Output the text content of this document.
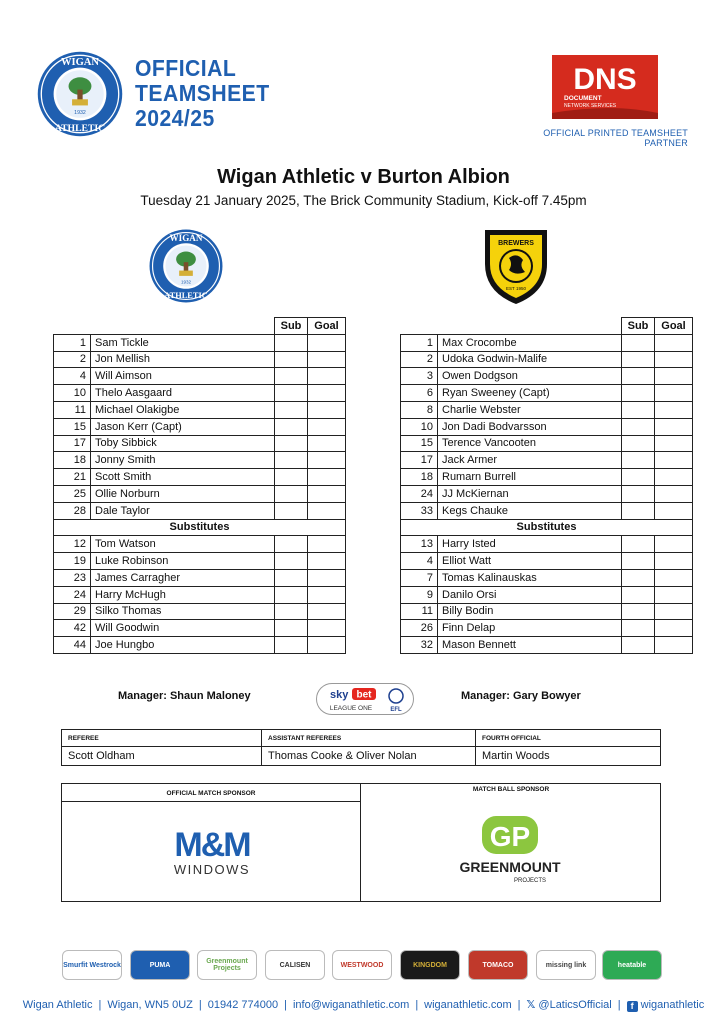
WIGAN
ATHLETIC
1932
OFFICIAL
TEAMSHEET
2024/25
DNS
DOCUMENT
NETWORK SERVICES
OFFICIAL PRINTED TEAMSHEET PARTNER
Wigan Athletic v Burton Albion
Tuesday 21 January 2025, The Brick Community Stadium, Kick-off 7.45pm
WIGAN
ATHLETIC
1932
BREWERS
EST 1950
		Sub	Goal
1	Sam Tickle		
2	Jon Mellish		
4	Will Aimson		
10	Thelo Aasgaard		
11	Michael Olakigbe		
15	Jason Kerr (Capt)		
17	Toby Sibbick		
18	Jonny Smith		
21	Scott Smith		
25	Ollie Norburn		
28	Dale Taylor		
Substitutes			
12	Tom Watson		
19	Luke Robinson		
23	James Carragher		
24	Harry McHugh		
29	Silko Thomas		
42	Will Goodwin		
44	Joe Hungbo		
		Sub	Goal
1	Max Crocombe		
2	Udoka Godwin-Malife		
3	Owen Dodgson		
6	Ryan Sweeney (Capt)		
8	Charlie Webster		
10	Jon Dadi Bodvarsson		
15	Terence Vancooten		
17	Jack Armer		
18	Rumarn Burrell		
24	JJ McKiernan		
33	Kegs Chauke		
Substitutes			
13	Harry Isted		
4	Elliot Watt		
7	Tomas Kalinauskas		
9	Danilo Orsi		
11	Billy Bodin		
26	Finn Delap		
32	Mason Bennett		
Manager: Shaun Maloney	Manager: Gary Bowyer
sky bet
LEAGUE ONE	EFL
REFEREE	ASSISTANT REFEREES	FOURTH OFFICIAL
Scott Oldham	Thomas Cooke & Oliver Nolan	Martin Woods
OFFICIAL MATCH SPONSOR
MATCH BALL SPONSOR
M&M
WINDOWS
GP
GREENMOUNT
PROJECTS
Smurfit Westrock	PUMA	Greenmount Projects	CALISEN	WESTWOOD	KINGDOM	TOMACO	missing link	heatable
Wigan Athletic | Wigan, WN5 0UZ | 01942 774000 | info@wiganathletic.com | wiganathletic.com | 𝕏 @LaticsOfficial | f wiganathletic
